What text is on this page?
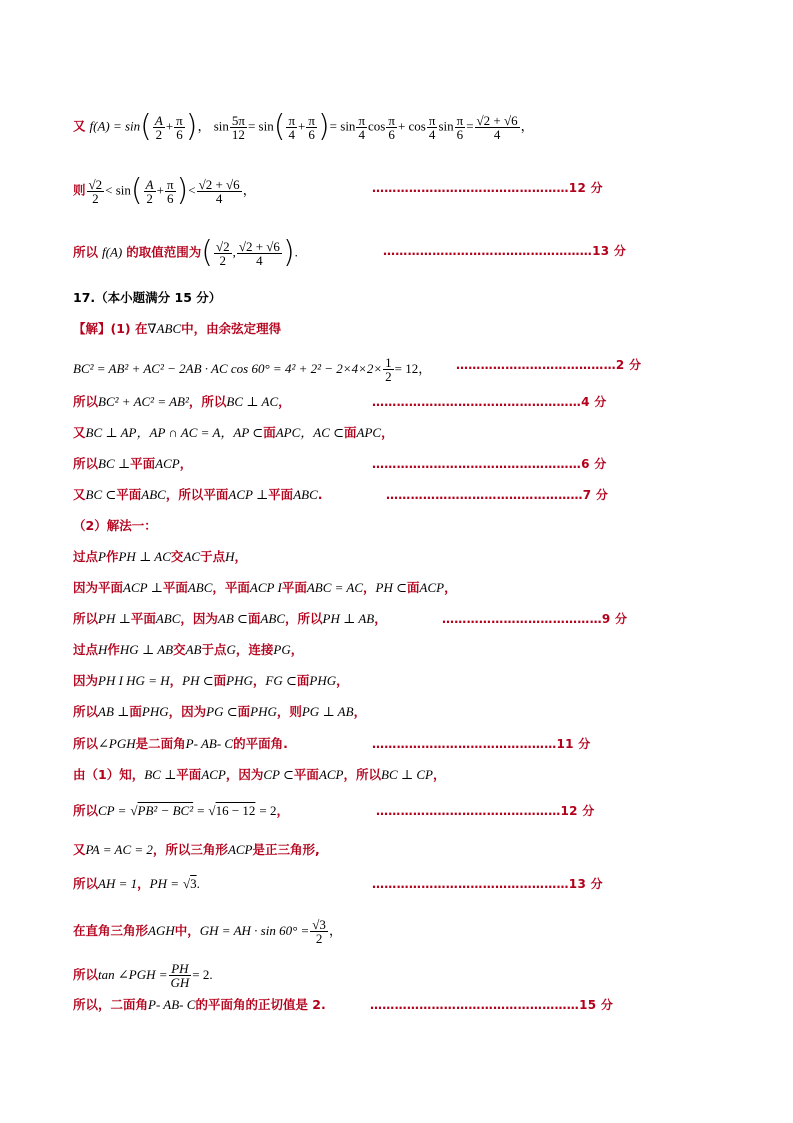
又 $f(A) = \sin( \frac{A}{2} + \frac{\pi}{6}$ )， $\sin \frac{5\pi}{12} = \sin( \frac{\pi}{4} + \frac{\pi}{6}$ )= $\sin \frac{\pi}{4}$ $\cos \frac{\pi}{6} + \cos \frac{\pi}{4}$ $\sin \frac{\pi}{6} = \frac{√2 + √6}{4}$ ，
则 $\frac{√2}{2} < \sin( \frac{A}{2} + \frac{\pi}{6}$ )< $\frac{√2 + √6}{4}$ ，	…………………………………………12 分
所以 f(A) 的取值范围为( $\frac{√2}{2}$ , $\frac{√2 + √6}{4}$ ).	……………………………………………13 分
17.（本小题满分 15 分）
【解】(1) 在∇ABC中，由余弦定理得
BC² = AB² + AC² − 2AB · AC $\cos 60^\circ = 4^2 + 2^2 - 2\times 4\times 2\times \frac{1}{2} = 12$， …………………………………2 分
所以BC² + AC² = AB²，所以BC ⊥ AC，	……………………………………………4 分
又BC ⊥ AP，AP ∩ AC = A，AP ⊂面APC，AC ⊂面APC，
所以BC ⊥平面ACP，	……………………………………………6 分
又BC ⊂平面ABC，所以平面ACP ⊥平面ABC.	…………………………………………7 分
（2）解法一：
过点P作PH ⊥ AC交AC于点H，
因为平面ACP ⊥平面ABC，平面ACP I平面ABC = AC，PH ⊂面ACP，
所以PH ⊥平面ABC，因为AB ⊂面ABC，所以PH ⊥ AB，	…………………………………9 分
过点H作HG ⊥ AB交AB于点G，连接PG，
因为PH I HG = H，PH ⊂面PHG，FG ⊂面PHG，
所以AB ⊥面PHG，因为PG ⊂面PHG，则PG ⊥ AB，
所以∠PGH是二面角P- AB- C的平面角.	………………………………………11 分
由（1）知，BC ⊥平面ACP，因为CP ⊂平面ACP，所以BC ⊥ CP，
所以CP = √PB² − BC² = √16 − 12 = 2，	………………………………………12 分
又PA = AC = 2，所以三角形ACP是正三角形,
所以AH = 1，PH = √3.	…………………………………………13 分
在直角三角形AGH中，GH = AH · $\sin 60^\circ = \frac{√3}{2}$ ，
所以tan ∠PGH = $\frac{PH}{GH} = 2$.
所以，二面角P- AB- C的平面角的正切值是 2.	……………………………………………15 分
